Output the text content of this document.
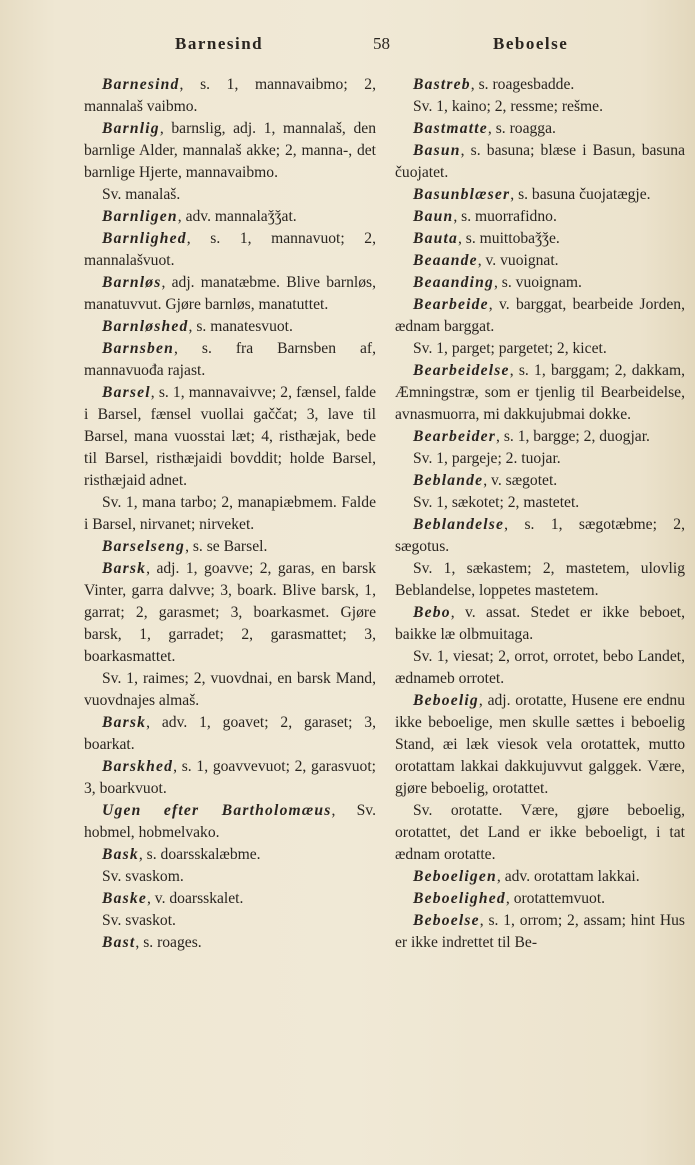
Barnesind	58	Beboelse

Barnesind, s. 1, mannavaibmo; 2, mannalaš vaibmo.

Barnlig, barnslig, adj. 1, mannalaš, den barnlige Alder, mannalaš akke; 2, manna-, det barnlige Hjerte, mannavaibmo.

Sv. manalaš.

Barnligen, adv. mannalaǯǯat.

Barnlighed, s. 1, mannavuot; 2, mannalašvuot.

Barnløs, adj. manatæbme. Blive barnløs, manatuvvut. Gjøre barnløs, manatuttet.

Barnløshed, s. manatesvuot.

Barnsben, s. fra Barnsben af, mannavuođa rajast.

Barsel, s. 1, mannavaivve; 2, fænsel, falde i Barsel, fænsel vuollai gaččat; 3, lave til Barsel, mana vuosstai læt; 4, risthæjak, bede til Barsel, risthæjaidi bovddit; holde Barsel, risthæjaid adnet.

Sv. 1, mana tarbo; 2, manapiæbmem. Falde i Barsel, nirvanet; nirveket.

Barselseng, s. se Barsel.

Barsk, adj. 1, goavve; 2, garas, en barsk Vinter, garra dalvve; 3, boark. Blive barsk, 1, garrat; 2, garasmet; 3, boarkasmet. Gjøre barsk, 1, garradet; 2, garasmattet; 3, boarkasmattet.

Sv. 1, raimes; 2, vuovdnai, en barsk Mand, vuovdnajes almaš.

Barsk, adv. 1, goavet; 2, garaset; 3, boarkat.

Barskhed, s. 1, goavvevuot; 2, garasvuot; 3, boarkvuot.

Ugen efter Bartholomæus, Sv. hobmel, hobmelvako.

Bask, s. doarsskalæbme.

Sv. svaskom.

Baske, v. doarsskalet.

Sv. svaskot.

Bast, s. roages.

Bastreb, s. roagesbadde.

Sv. 1, kaino; 2, ressme; rešme.

Bastmatte, s. roagga.

Basun, s. basuna; blæse i Basun, basuna čuojatet.

Basunblæser, s. basuna čuojatægje.

Baun, s. muorrafidno.

Bauta, s. muittobaǯǯe.

Beaande, v. vuoignat.

Beaanding, s. vuoignam.

Bearbeide, v. barggat, bearbeide Jorden, ædnam barggat.

Sv. 1, parget; pargetet; 2, kicet.

Bearbeidelse, s. 1, barggam; 2, dakkam, Æmningstræ, som er tjenlig til Bearbeidelse, avnasmuorra, mi dakkujubmai dokke.

Bearbeider, s. 1, bargge; 2, duogjar.

Sv. 1, pargeje; 2. tuojar.

Beblande, v. sægotet.

Sv. 1, sækotet; 2, mastetet.

Beblandelse, s. 1, sægotæbme; 2, sægotus.

Sv. 1, sækastem; 2, mastetem, ulovlig Beblandelse, loppetes mastetem.

Bebo, v. assat. Stedet er ikke beboet, baikke læ olbmuitaga.

Sv. 1, viesat; 2, orrot, orrotet, bebo Landet, ædnameb orrotet.

Beboelig, adj. orotatte, Husene ere endnu ikke beboelige, men skulle sættes i beboelig Stand, æi læk viesok vela orotattek, mutto orotattam lakkai dakkujuvvut galggek. Være, gjøre beboelig, orotattet.

Sv. orotatte. Være, gjøre beboelig, orotattet, det Land er ikke beboeligt, i tat ædnam orotatte.

Beboeligen, adv. orotattam lakkai.

Beboelighed, orotattemvuot.

Beboelse, s. 1, orrom; 2, assam; hint Hus er ikke indrettet til Be-
